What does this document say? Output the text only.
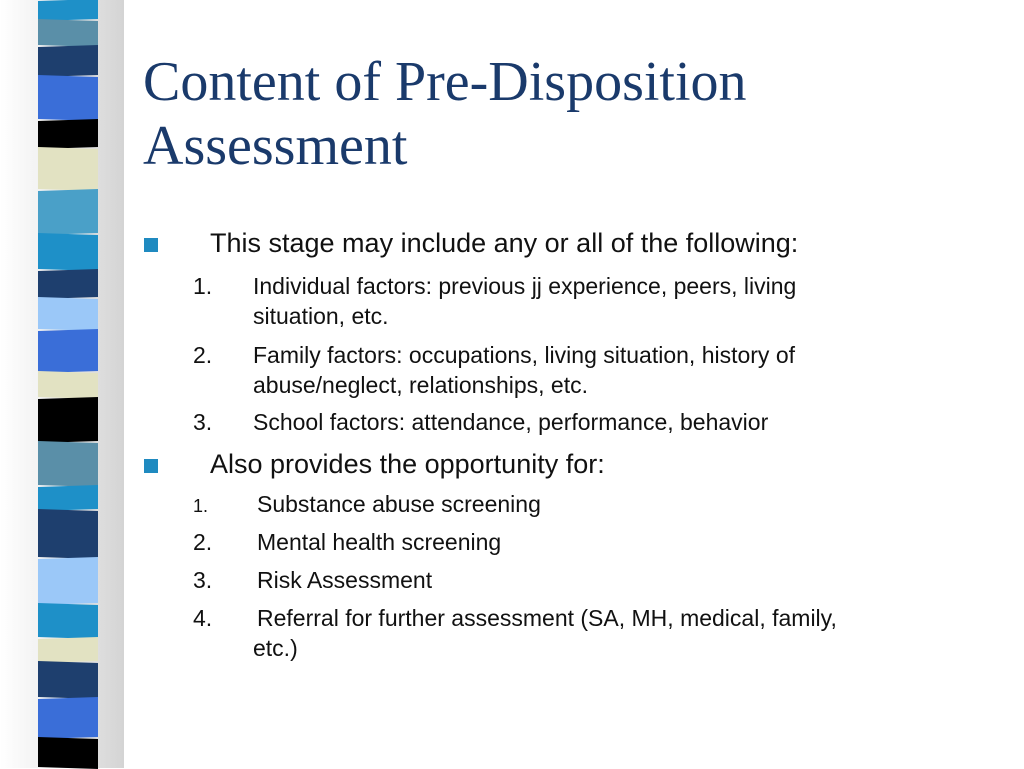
Content of Pre-Disposition
Assessment
This stage may include any or all of the following:
1. Individual factors: previous jj experience, peers, living
situation, etc.
2. Family factors: occupations, living situation, history of
abuse/neglect, relationships, etc.
3. School factors: attendance, performance, behavior
Also provides the opportunity for:
1. Substance abuse screening
2. Mental health screening
3. Risk Assessment
4. Referral for further assessment (SA, MH, medical, family,
etc.)
